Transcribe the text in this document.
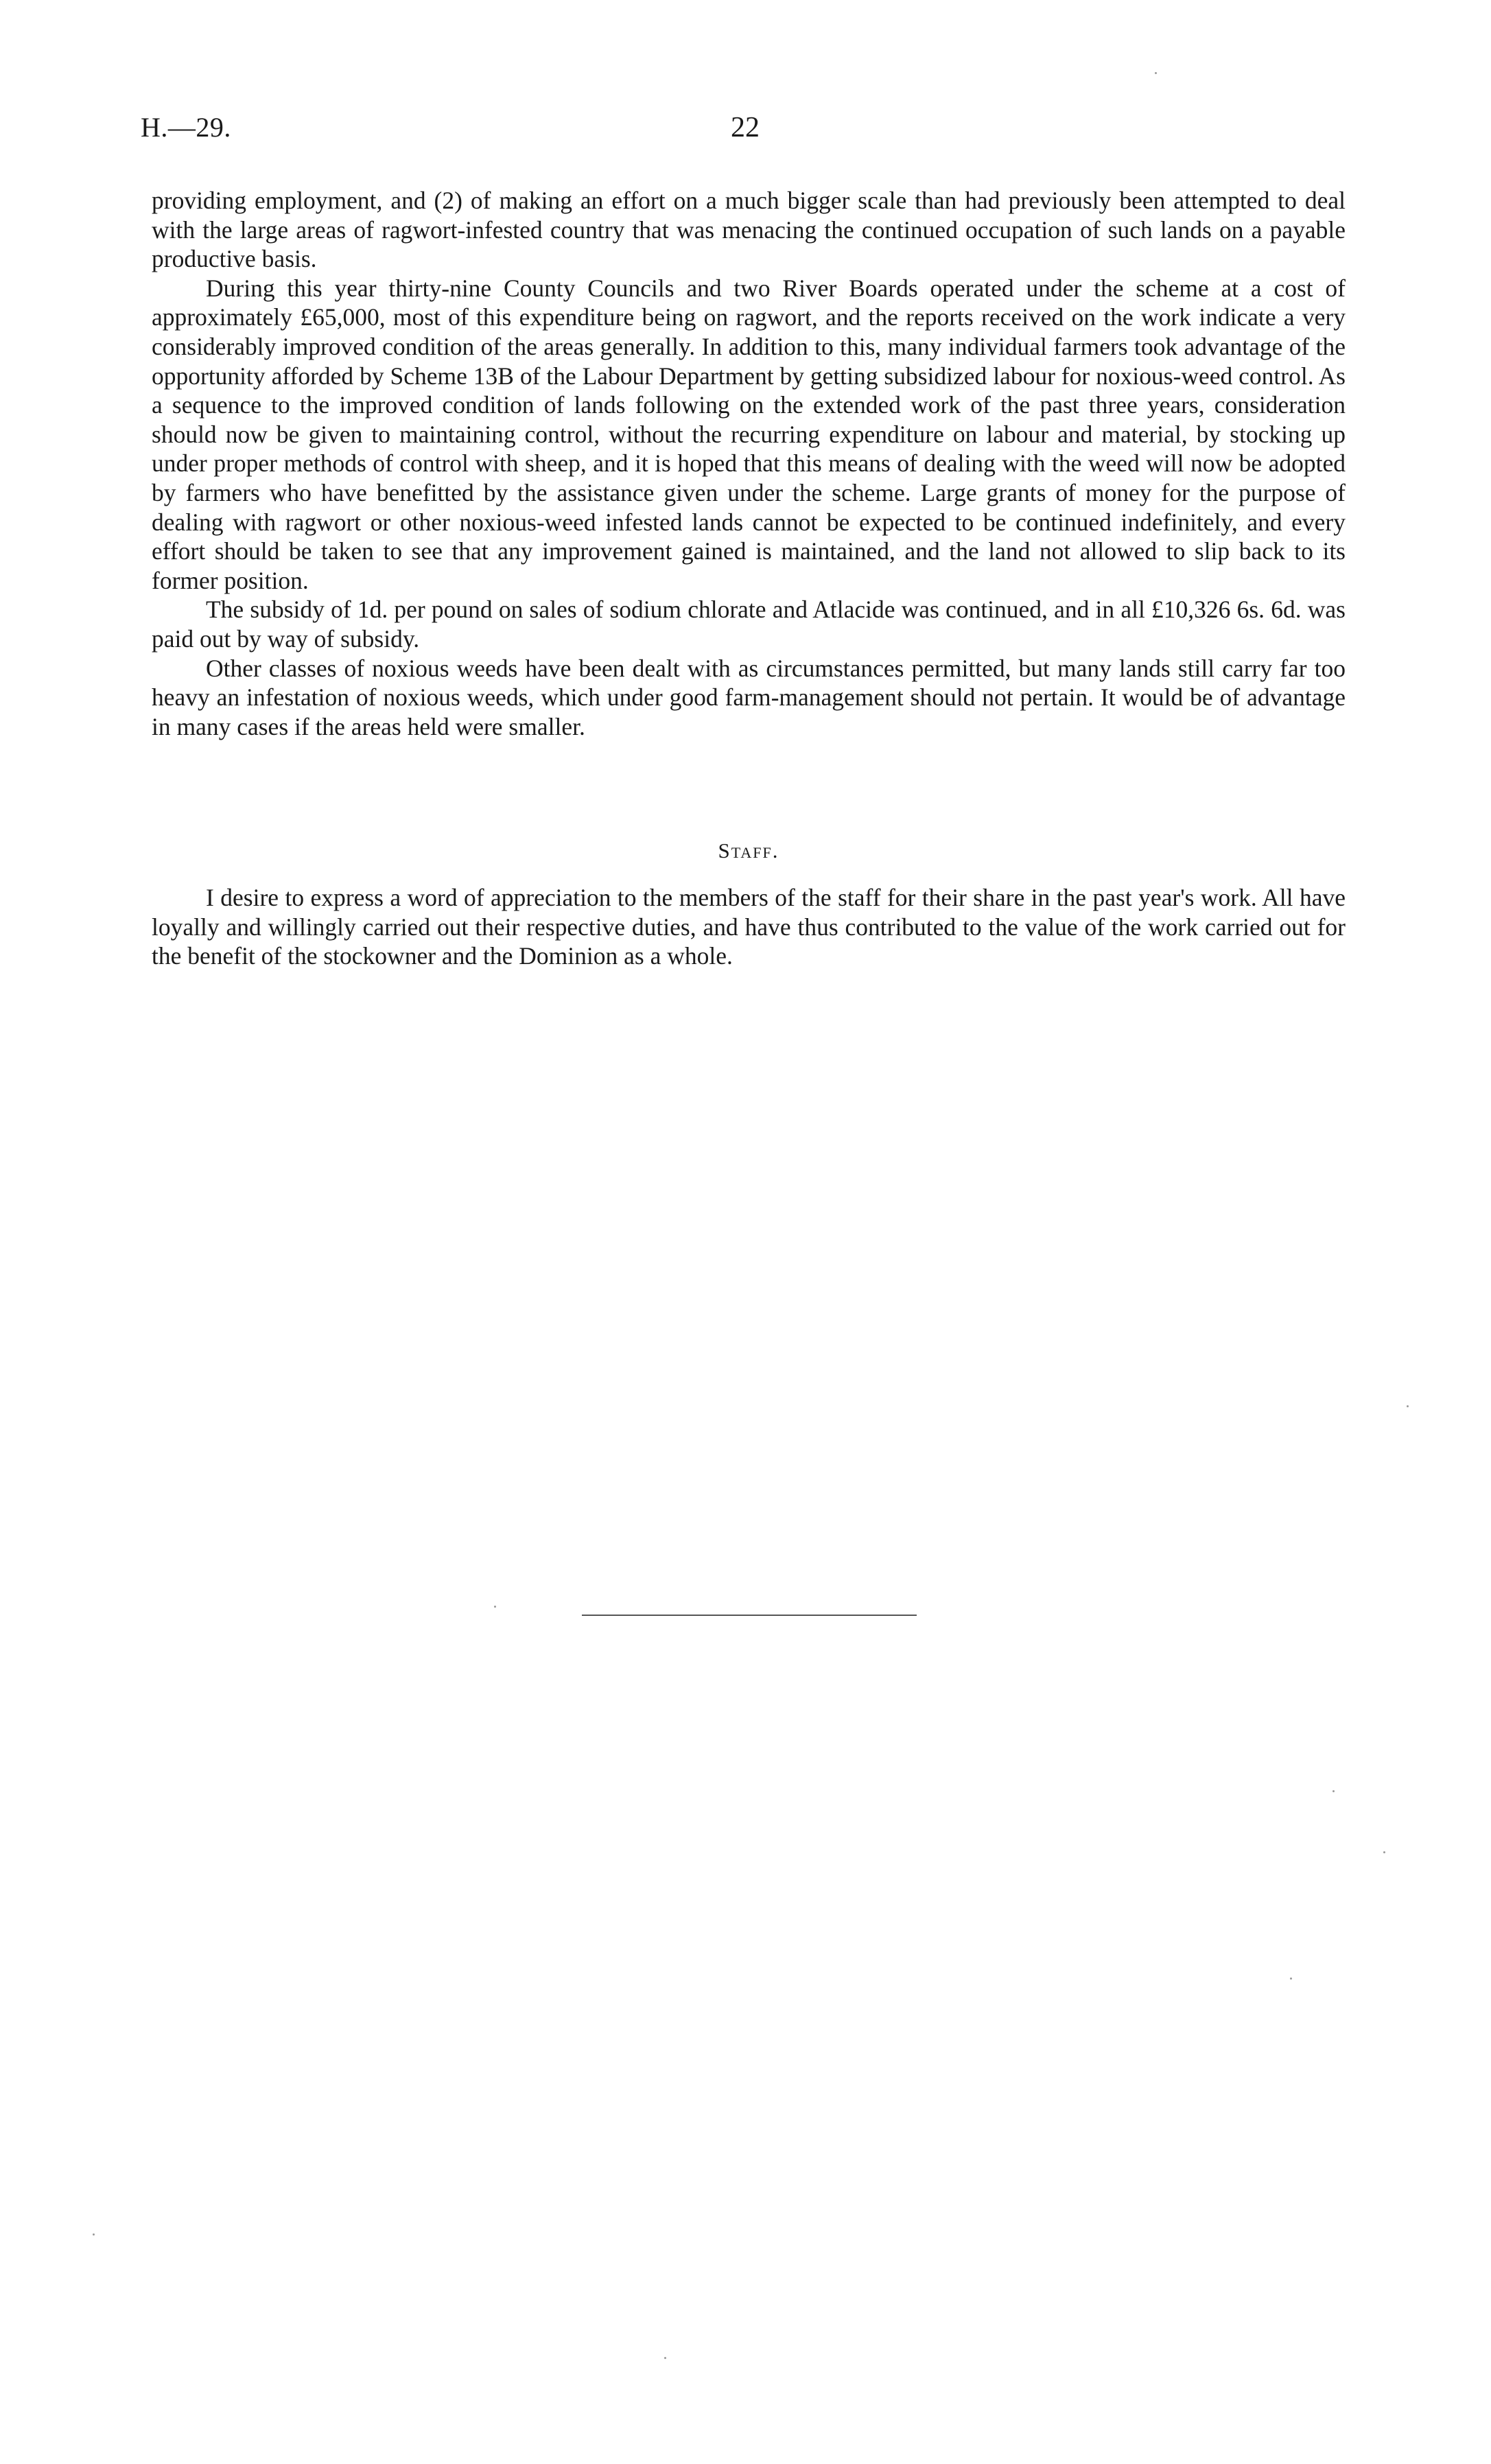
H.—29.	22

providing employment, and (2) of making an effort on a much bigger scale than had previously been attempted to deal with the large areas of ragwort-infested country that was menacing the continued occupation of such lands on a payable productive basis.

During this year thirty-nine County Councils and two River Boards operated under the scheme at a cost of approximately £65,000, most of this expenditure being on ragwort, and the reports received on the work indicate a very considerably improved condition of the areas generally. In addition to this, many individual farmers took advantage of the opportunity afforded by Scheme 13B of the Labour Department by getting subsidized labour for noxious-weed control. As a sequence to the improved condition of lands following on the extended work of the past three years, consideration should now be given to maintaining control, without the recurring expenditure on labour and material, by stocking up under proper methods of control with sheep, and it is hoped that this means of dealing with the weed will now be adopted by farmers who have benefitted by the assistance given under the scheme. Large grants of money for the purpose of dealing with ragwort or other noxious-weed infested lands cannot be expected to be continued indefinitely, and every effort should be taken to see that any improvement gained is maintained, and the land not allowed to slip back to its former position.

The subsidy of 1d. per pound on sales of sodium chlorate and Atlacide was continued, and in all £10,326 6s. 6d. was paid out by way of subsidy.

Other classes of noxious weeds have been dealt with as circumstances permitted, but many lands still carry far too heavy an infestation of noxious weeds, which under good farm-management should not pertain. It would be of advantage in many cases if the areas held were smaller.

Staff.

I desire to express a word of appreciation to the members of the staff for their share in the past year's work. All have loyally and willingly carried out their respective duties, and have thus contributed to the value of the work carried out for the benefit of the stockowner and the Dominion as a whole.
